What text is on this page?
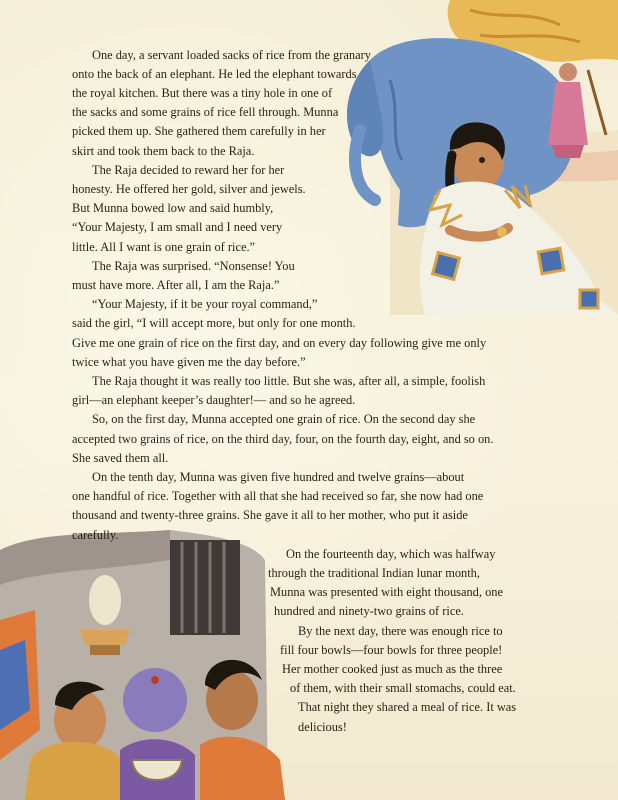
One day, a servant loaded sacks of rice from the granary
onto the back of an elephant. He led the elephant towards
the royal kitchen. But there was a tiny hole in one of
the sacks and some grains of rice fell through. Munna
picked them up. She gathered them carefully in her
skirt and took them back to the Raja.
The Raja decided to reward her for her
honesty. He offered her gold, silver and jewels.
But Munna bowed low and said humbly,
“Your Majesty, I am small and I need very
little. All I want is one grain of rice.”
The Raja was surprised. “Nonsense! You
must have more. After all, I am the Raja.”
“Your Majesty, if it be your royal command,”
said the girl, “I will accept more, but only for one month.
Give me one grain of rice on the first day, and on every day following give me only
twice what you have given me the day before.”
The Raja thought it was really too little. But she was, after all, a simple, foolish
girl—an elephant keeper’s daughter!— and so he agreed.
So, on the first day, Munna accepted one grain of rice. On the second day she
accepted two grains of rice, on the third day, four, on the fourth day, eight, and so on.
She saved them all.
On the tenth day, Munna was given five hundred and twelve grains—about
one handful of rice. Together with all that she had received so far, she now had one
thousand and twenty-three grains. She gave it all to her mother, who put it aside
carefully.
On the fourteenth day, which was halfway
through the traditional Indian lunar month,
Munna was presented with eight thousand, one
hundred and ninety-two grains of rice.
By the next day, there was enough rice to
fill four bowls—four bowls for three people!
Her mother cooked just as much as the three
of them, with their small stomachs, could eat.
That night they shared a meal of rice. It was
delicious!
